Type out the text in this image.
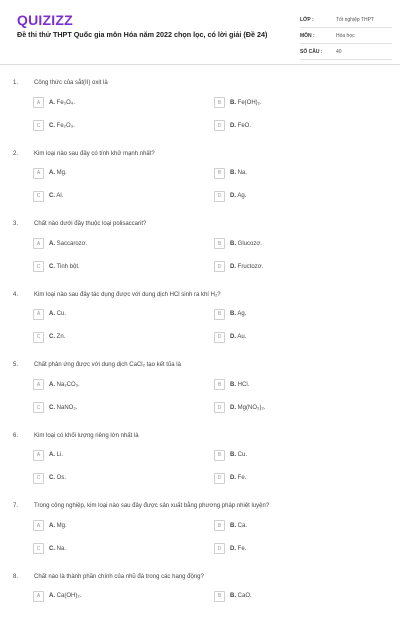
QUIZIZZ
Đề thi thử THPT Quốc gia môn Hóa năm 2022 chọn lọc, có lời giải (Đề 24)
LỚP :	Tốt nghiệp THPT
MÔN :	Hóa học
SỐ CÂU :	40
1.	Công thức của sắt(II) oxit là
A	A. Fe₃O₄.	B	B. Fe(OH)₂.
C	C. Fe₂O₃.	D	D. FeO.
2.	Kim loại nào sau đây có tính khử mạnh nhất?
A	A. Mg.	B	B. Na.
C	C. Al.	D	D. Ag.
3.	Chất nào dưới đây thuộc loại polisaccarit?
A	A. Saccarozơ.	B	B. Glucozơ.
C	C. Tinh bột.	D	D. Fructozơ.
4.	Kim loại nào sau đây tác dụng được với dung dịch HCl sinh ra khí H₂?
A	A. Cu.	B	B. Ag.
C	C. Zn.	D	D. Au.
5.	Chất phản ứng được với dung dịch CaCl₂ tạo kết tủa là
A	A. Na₂CO₃.	B	B. HCl.
C	C. NaNO₃.	D	D. Mg(NO₃)₂.
6.	Kim loại có khối lượng riêng lớn nhất là
A	A. Li.	B	B. Cu.
C	C. Os.	D	D. Fe.
7.	Trong công nghiệp, kim loại nào sau đây được sản xuất bằng phương pháp nhiệt luyện?
A	A. Mg.	B	B. Ca.
C	C. Na.	D	D. Fe.
8.	Chất nào là thành phần chính của nhũ đá trong các hang động?
A	A. Ca(OH)₂.	B	B. CaO.
